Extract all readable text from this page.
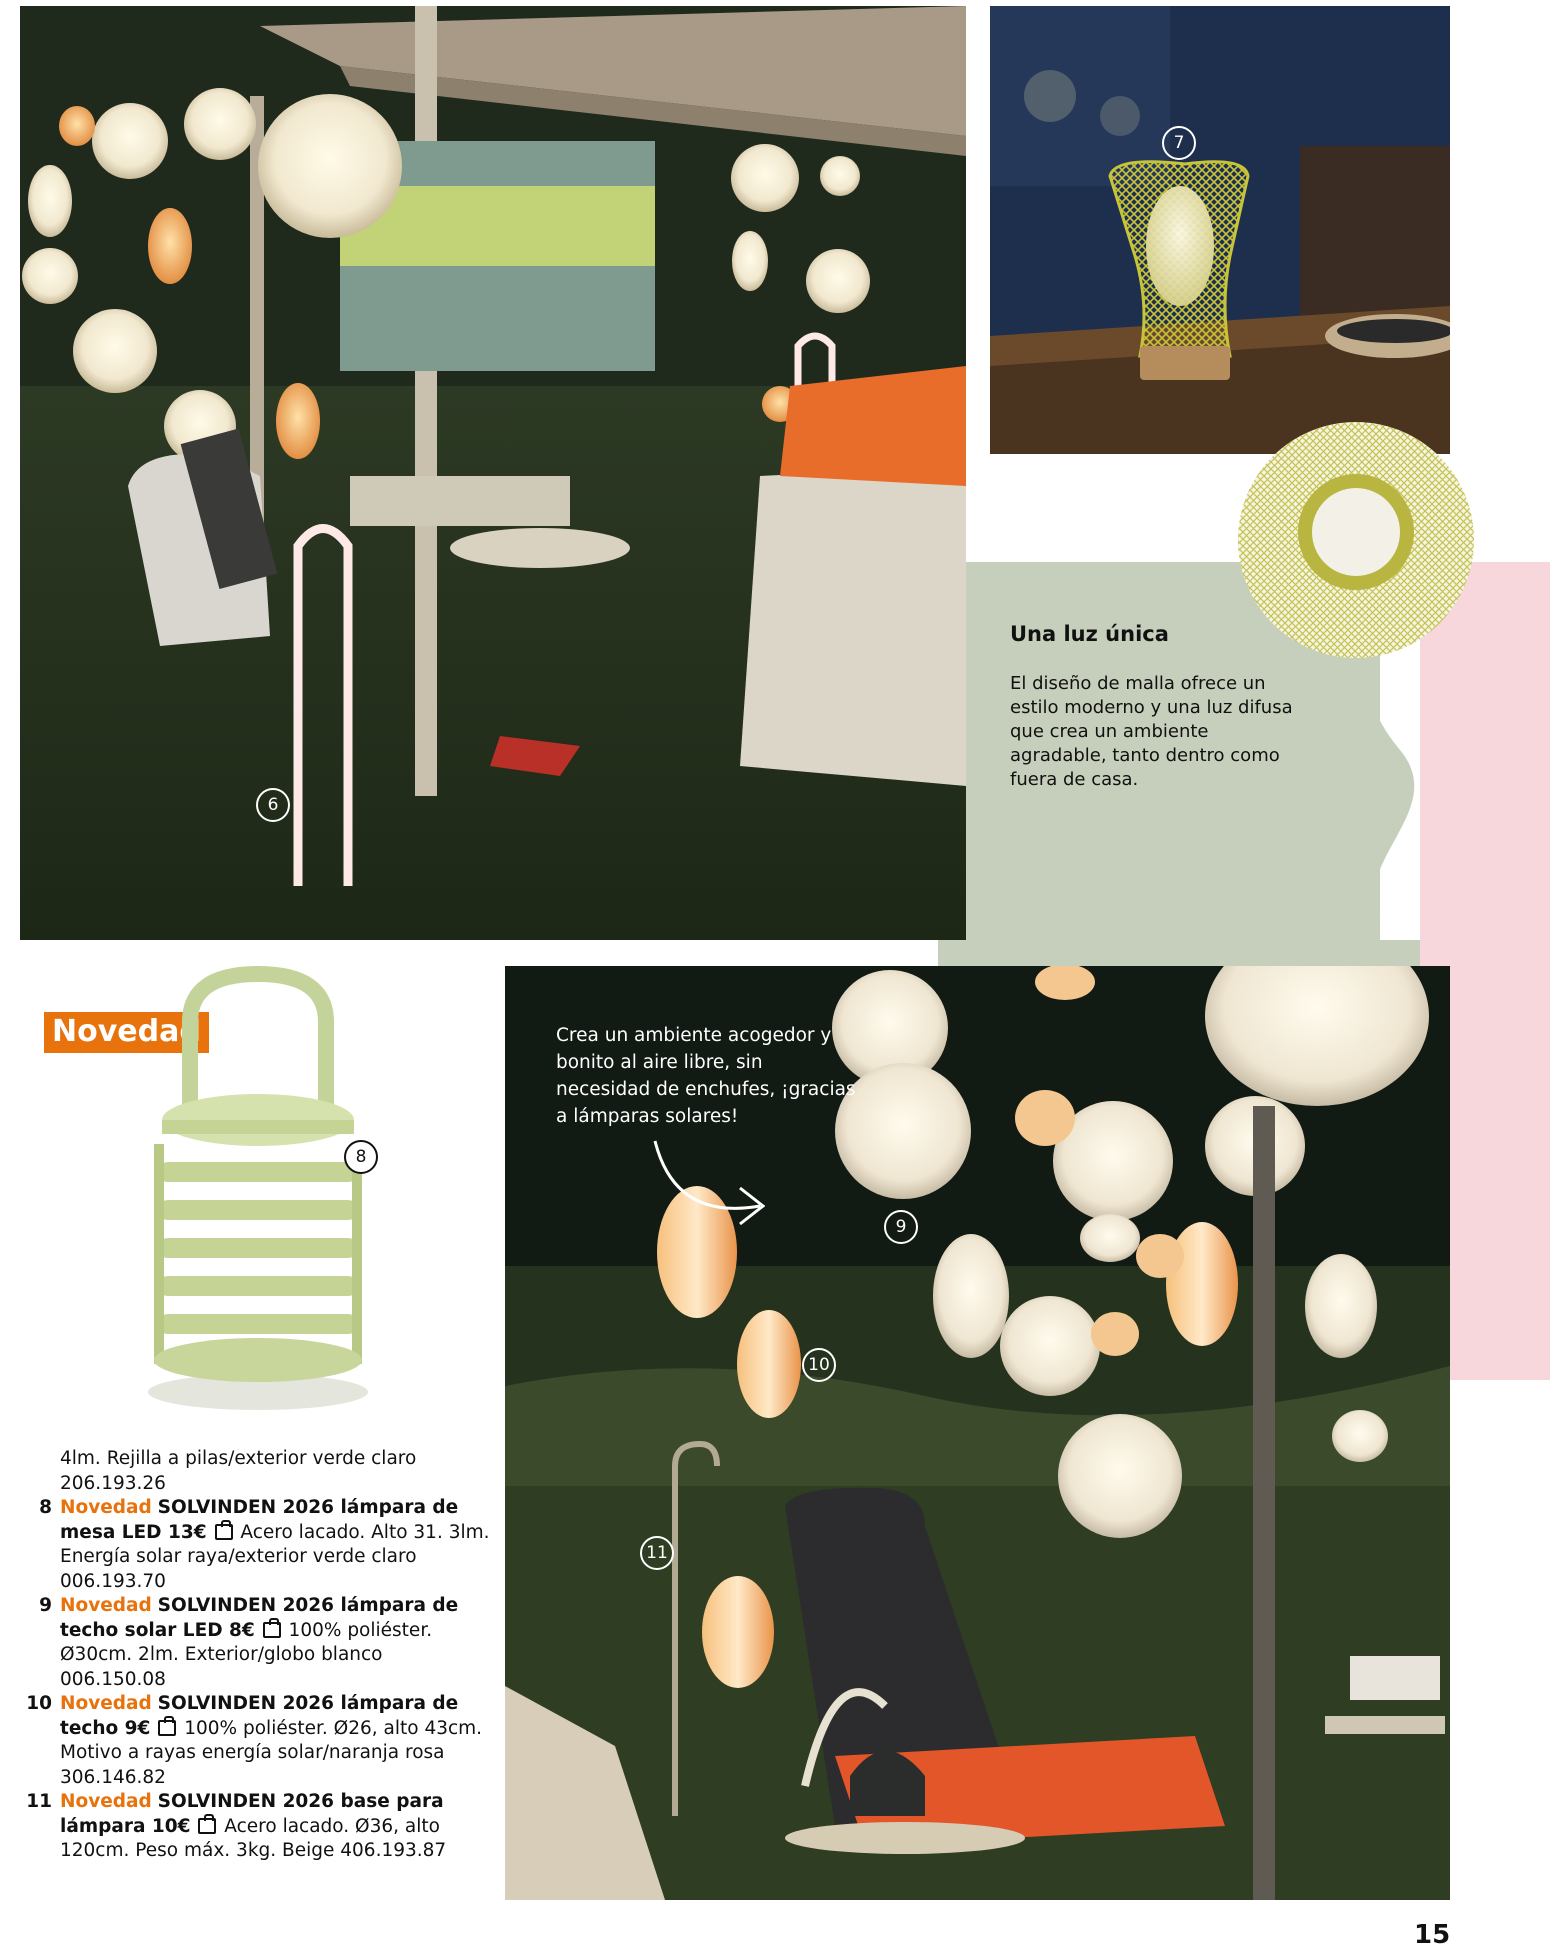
6
7
Una luz única
El diseño de malla ofrece un estilo moderno y una luz difusa que crea un ambiente agradable, tanto dentro como fuera de casa.
Novedad
8
Crea un ambiente acogedor y bonito al aire libre, sin necesidad de enchufes, ¡gracias a lámparas solares!
9
10
11
4lm. Rejilla a pilas/exterior verde claro 206.193.26
8 Novedad SOLVINDEN 2026 lámpara de mesa LED 13€ Acero lacado. Alto 31. 3lm. Energía solar raya/exterior verde claro 006.193.70
9 Novedad SOLVINDEN 2026 lámpara de techo solar LED 8€ 100% poliéster. Ø30cm. 2lm. Exterior/globo blanco 006.150.08
10 Novedad SOLVINDEN 2026 lámpara de techo 9€ 100% poliéster. Ø26, alto 43cm. Motivo a rayas energía solar/naranja rosa 306.146.82
11 Novedad SOLVINDEN 2026 base para lámpara 10€ Acero lacado. Ø36, alto 120cm. Peso máx. 3kg. Beige 406.193.87
15
